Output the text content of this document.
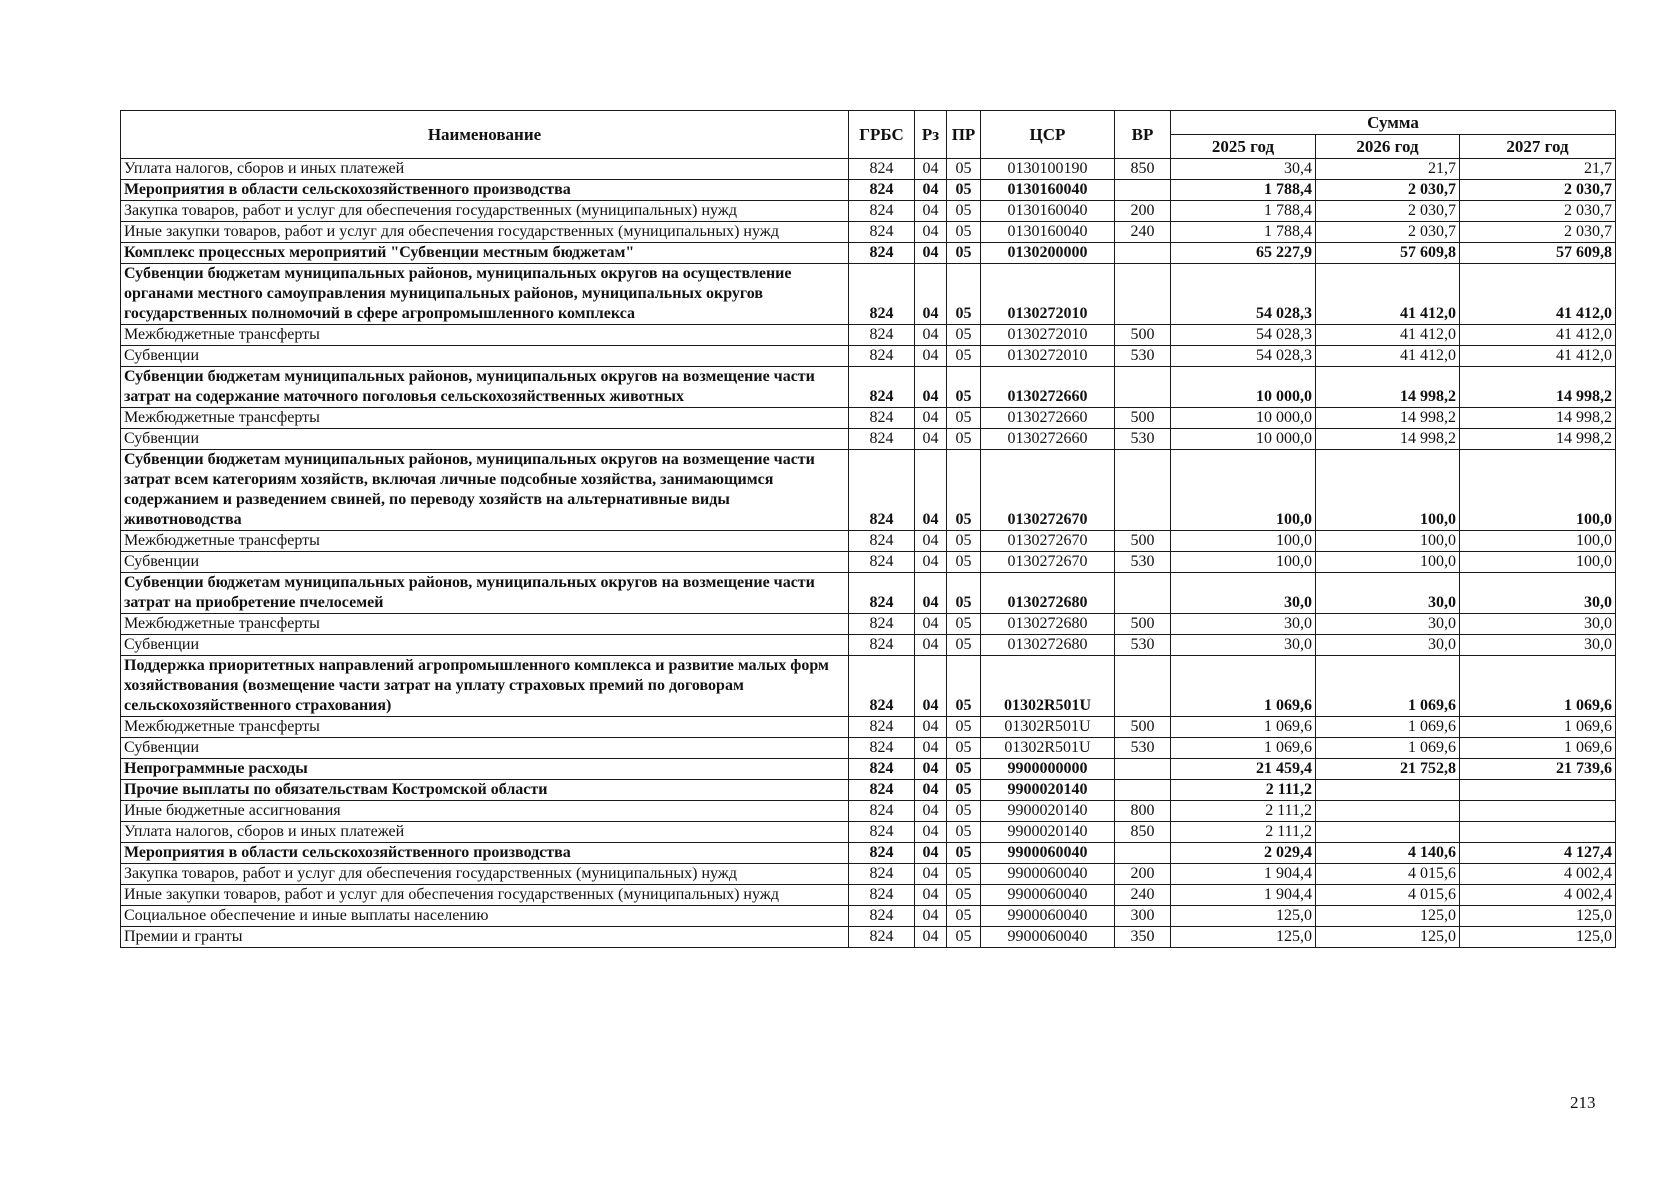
Наименование	ГРБС	Рз	ПР	ЦСР	ВР	Сумма		
						2025 год	2026 год	2027 год
Уплата налогов, сборов и иных платежей	824	04	05	0130100190	850	30,4	21,7	21,7
Мероприятия в области сельскохозяйственного производства	824	04	05	0130160040		1 788,4	2 030,7	2 030,7
Закупка товаров, работ и услуг для обеспечения государственных (муниципальных) нужд	824	04	05	0130160040	200	1 788,4	2 030,7	2 030,7
Иные закупки товаров, работ и услуг для обеспечения государственных (муниципальных) нужд	824	04	05	0130160040	240	1 788,4	2 030,7	2 030,7
Комплекс процессных мероприятий "Субвенции местным бюджетам"	824	04	05	0130200000		65 227,9	57 609,8	57 609,8
Субвенции бюджетам муниципальных районов, муниципальных округов на осуществление органами местного самоуправления муниципальных районов, муниципальных округов государственных полномочий в сфере агропромышленного комплекса	824	04	05	0130272010		54 028,3	41 412,0	41 412,0
Межбюджетные трансферты	824	04	05	0130272010	500	54 028,3	41 412,0	41 412,0
Субвенции	824	04	05	0130272010	530	54 028,3	41 412,0	41 412,0
Субвенции бюджетам муниципальных районов, муниципальных округов на возмещение части затрат на содержание маточного поголовья сельскохозяйственных животных	824	04	05	0130272660		10 000,0	14 998,2	14 998,2
Межбюджетные трансферты	824	04	05	0130272660	500	10 000,0	14 998,2	14 998,2
Субвенции	824	04	05	0130272660	530	10 000,0	14 998,2	14 998,2
Субвенции бюджетам муниципальных районов, муниципальных округов на возмещение части затрат всем категориям хозяйств, включая личные подсобные хозяйства, занимающимся содержанием и разведением свиней, по переводу хозяйств на альтернативные виды животноводства	824	04	05	0130272670		100,0	100,0	100,0
Межбюджетные трансферты	824	04	05	0130272670	500	100,0	100,0	100,0
Субвенции	824	04	05	0130272670	530	100,0	100,0	100,0
Субвенции бюджетам муниципальных районов, муниципальных округов на возмещение части затрат на приобретение пчелосемей	824	04	05	0130272680		30,0	30,0	30,0
Межбюджетные трансферты	824	04	05	0130272680	500	30,0	30,0	30,0
Субвенции	824	04	05	0130272680	530	30,0	30,0	30,0
Поддержка приоритетных направлений агропромышленного комплекса и развитие малых форм хозяйствования (возмещение части затрат на уплату страховых премий по договорам сельскохозяйственного страхования)	824	04	05	01302R501U		1 069,6	1 069,6	1 069,6
Межбюджетные трансферты	824	04	05	01302R501U	500	1 069,6	1 069,6	1 069,6
Субвенции	824	04	05	01302R501U	530	1 069,6	1 069,6	1 069,6
Непрограммные расходы	824	04	05	9900000000		21 459,4	21 752,8	21 739,6
Прочие выплаты по обязательствам Костромской области	824	04	05	9900020140		2 111,2		
Иные бюджетные ассигнования	824	04	05	9900020140	800	2 111,2		
Уплата налогов, сборов и иных платежей	824	04	05	9900020140	850	2 111,2		
Мероприятия в области сельскохозяйственного производства	824	04	05	9900060040		2 029,4	4 140,6	4 127,4
Закупка товаров, работ и услуг для обеспечения государственных (муниципальных) нужд	824	04	05	9900060040	200	1 904,4	4 015,6	4 002,4
Иные закупки товаров, работ и услуг для обеспечения государственных (муниципальных) нужд	824	04	05	9900060040	240	1 904,4	4 015,6	4 002,4
Социальное обеспечение и иные выплаты населению	824	04	05	9900060040	300	125,0	125,0	125,0
Премии и гранты	824	04	05	9900060040	350	125,0	125,0	125,0
213
